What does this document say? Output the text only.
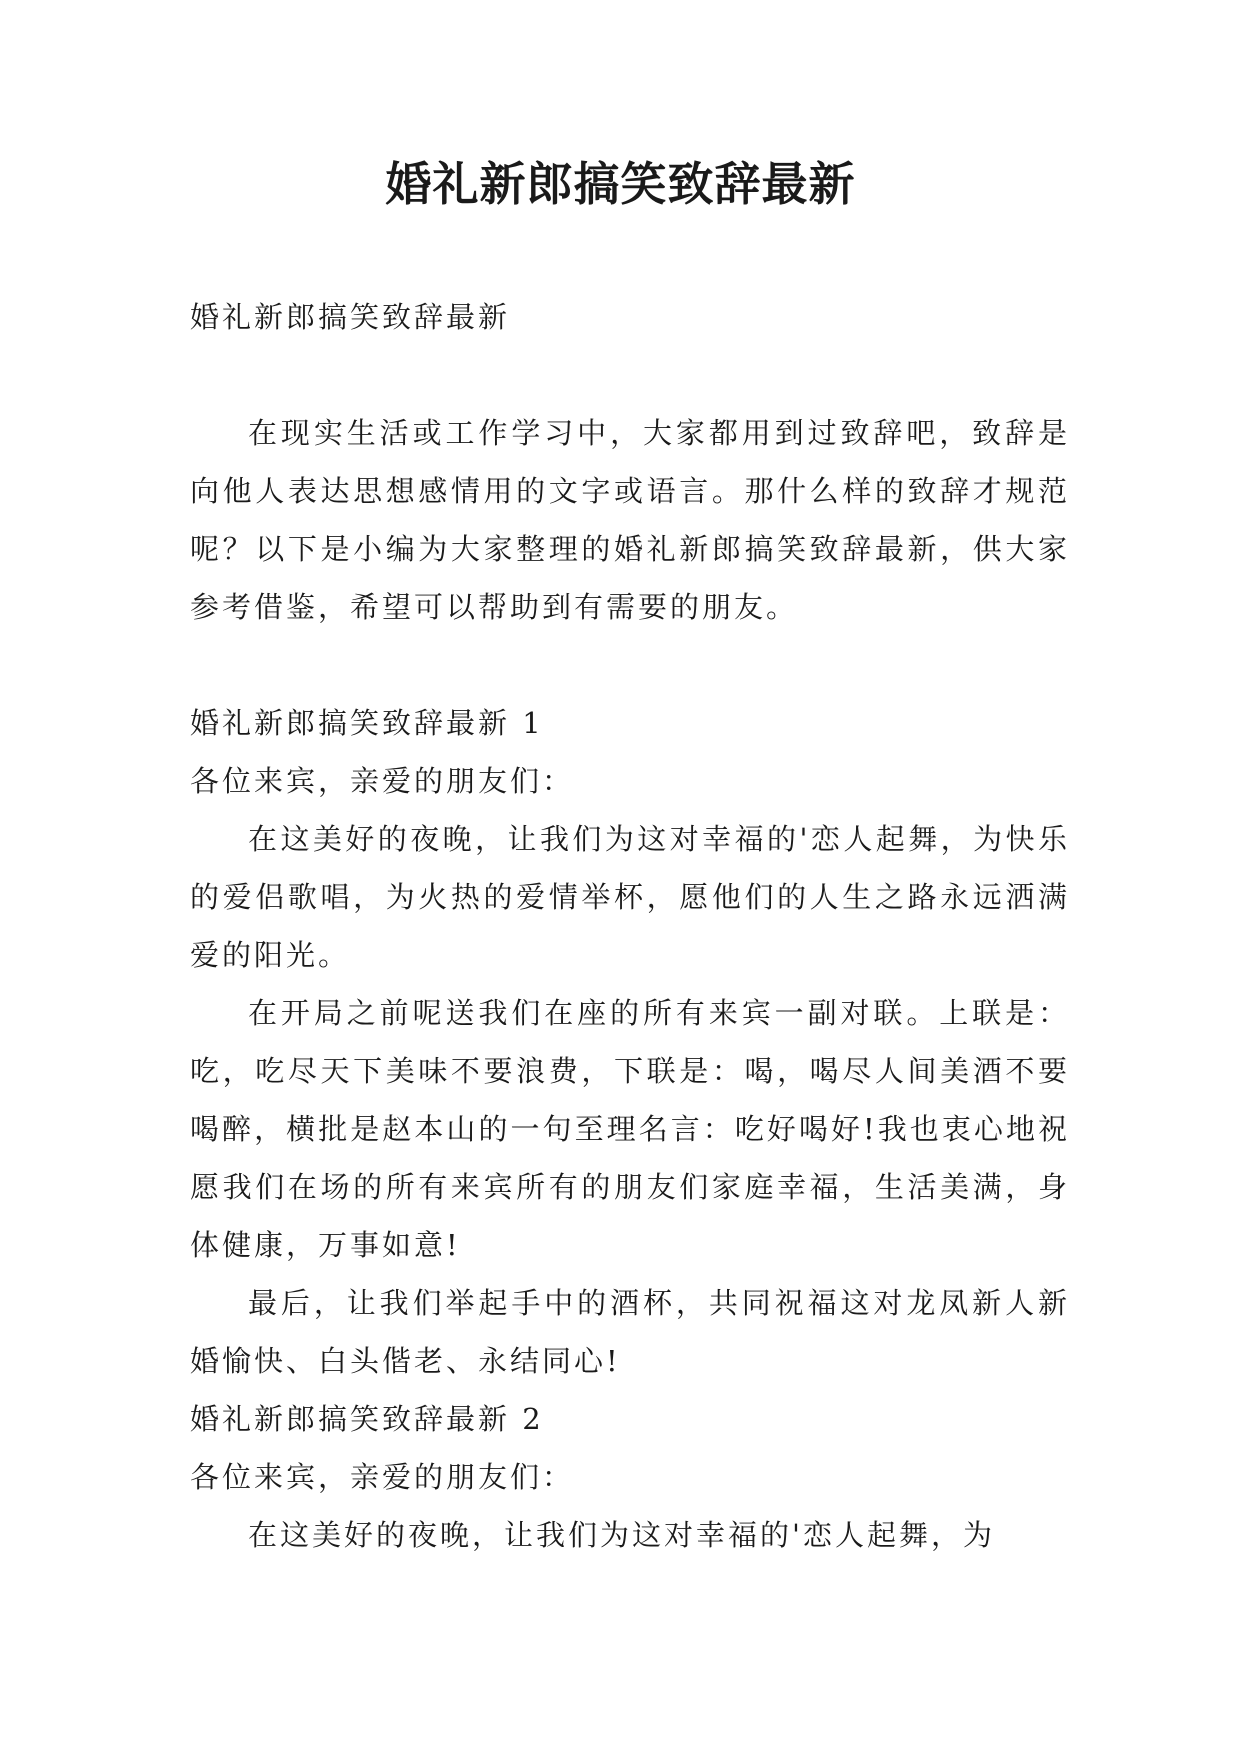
婚礼新郎搞笑致辞最新

婚礼新郎搞笑致辞最新

在现实生活或工作学习中，大家都用到过致辞吧，致辞是向他人表达思想感情用的文字或语言。那什么样的致辞才规范呢？以下是小编为大家整理的婚礼新郎搞笑致辞最新，供大家参考借鉴，希望可以帮助到有需要的朋友。

婚礼新郎搞笑致辞最新 1

各位来宾，亲爱的朋友们：

在这美好的夜晚，让我们为这对幸福的'恋人起舞，为快乐的爱侣歌唱，为火热的爱情举杯，愿他们的人生之路永远洒满爱的阳光。

在开局之前呢送我们在座的所有来宾一副对联。上联是：吃，吃尽天下美味不要浪费，下联是：喝，喝尽人间美酒不要喝醉，横批是赵本山的一句至理名言：吃好喝好!我也衷心地祝愿我们在场的所有来宾所有的朋友们家庭幸福，生活美满，身体健康，万事如意!

最后，让我们举起手中的酒杯，共同祝福这对龙凤新人新婚愉快、白头偕老、永结同心!

婚礼新郎搞笑致辞最新 2

各位来宾，亲爱的朋友们：

在这美好的夜晚，让我们为这对幸福的'恋人起舞，为
